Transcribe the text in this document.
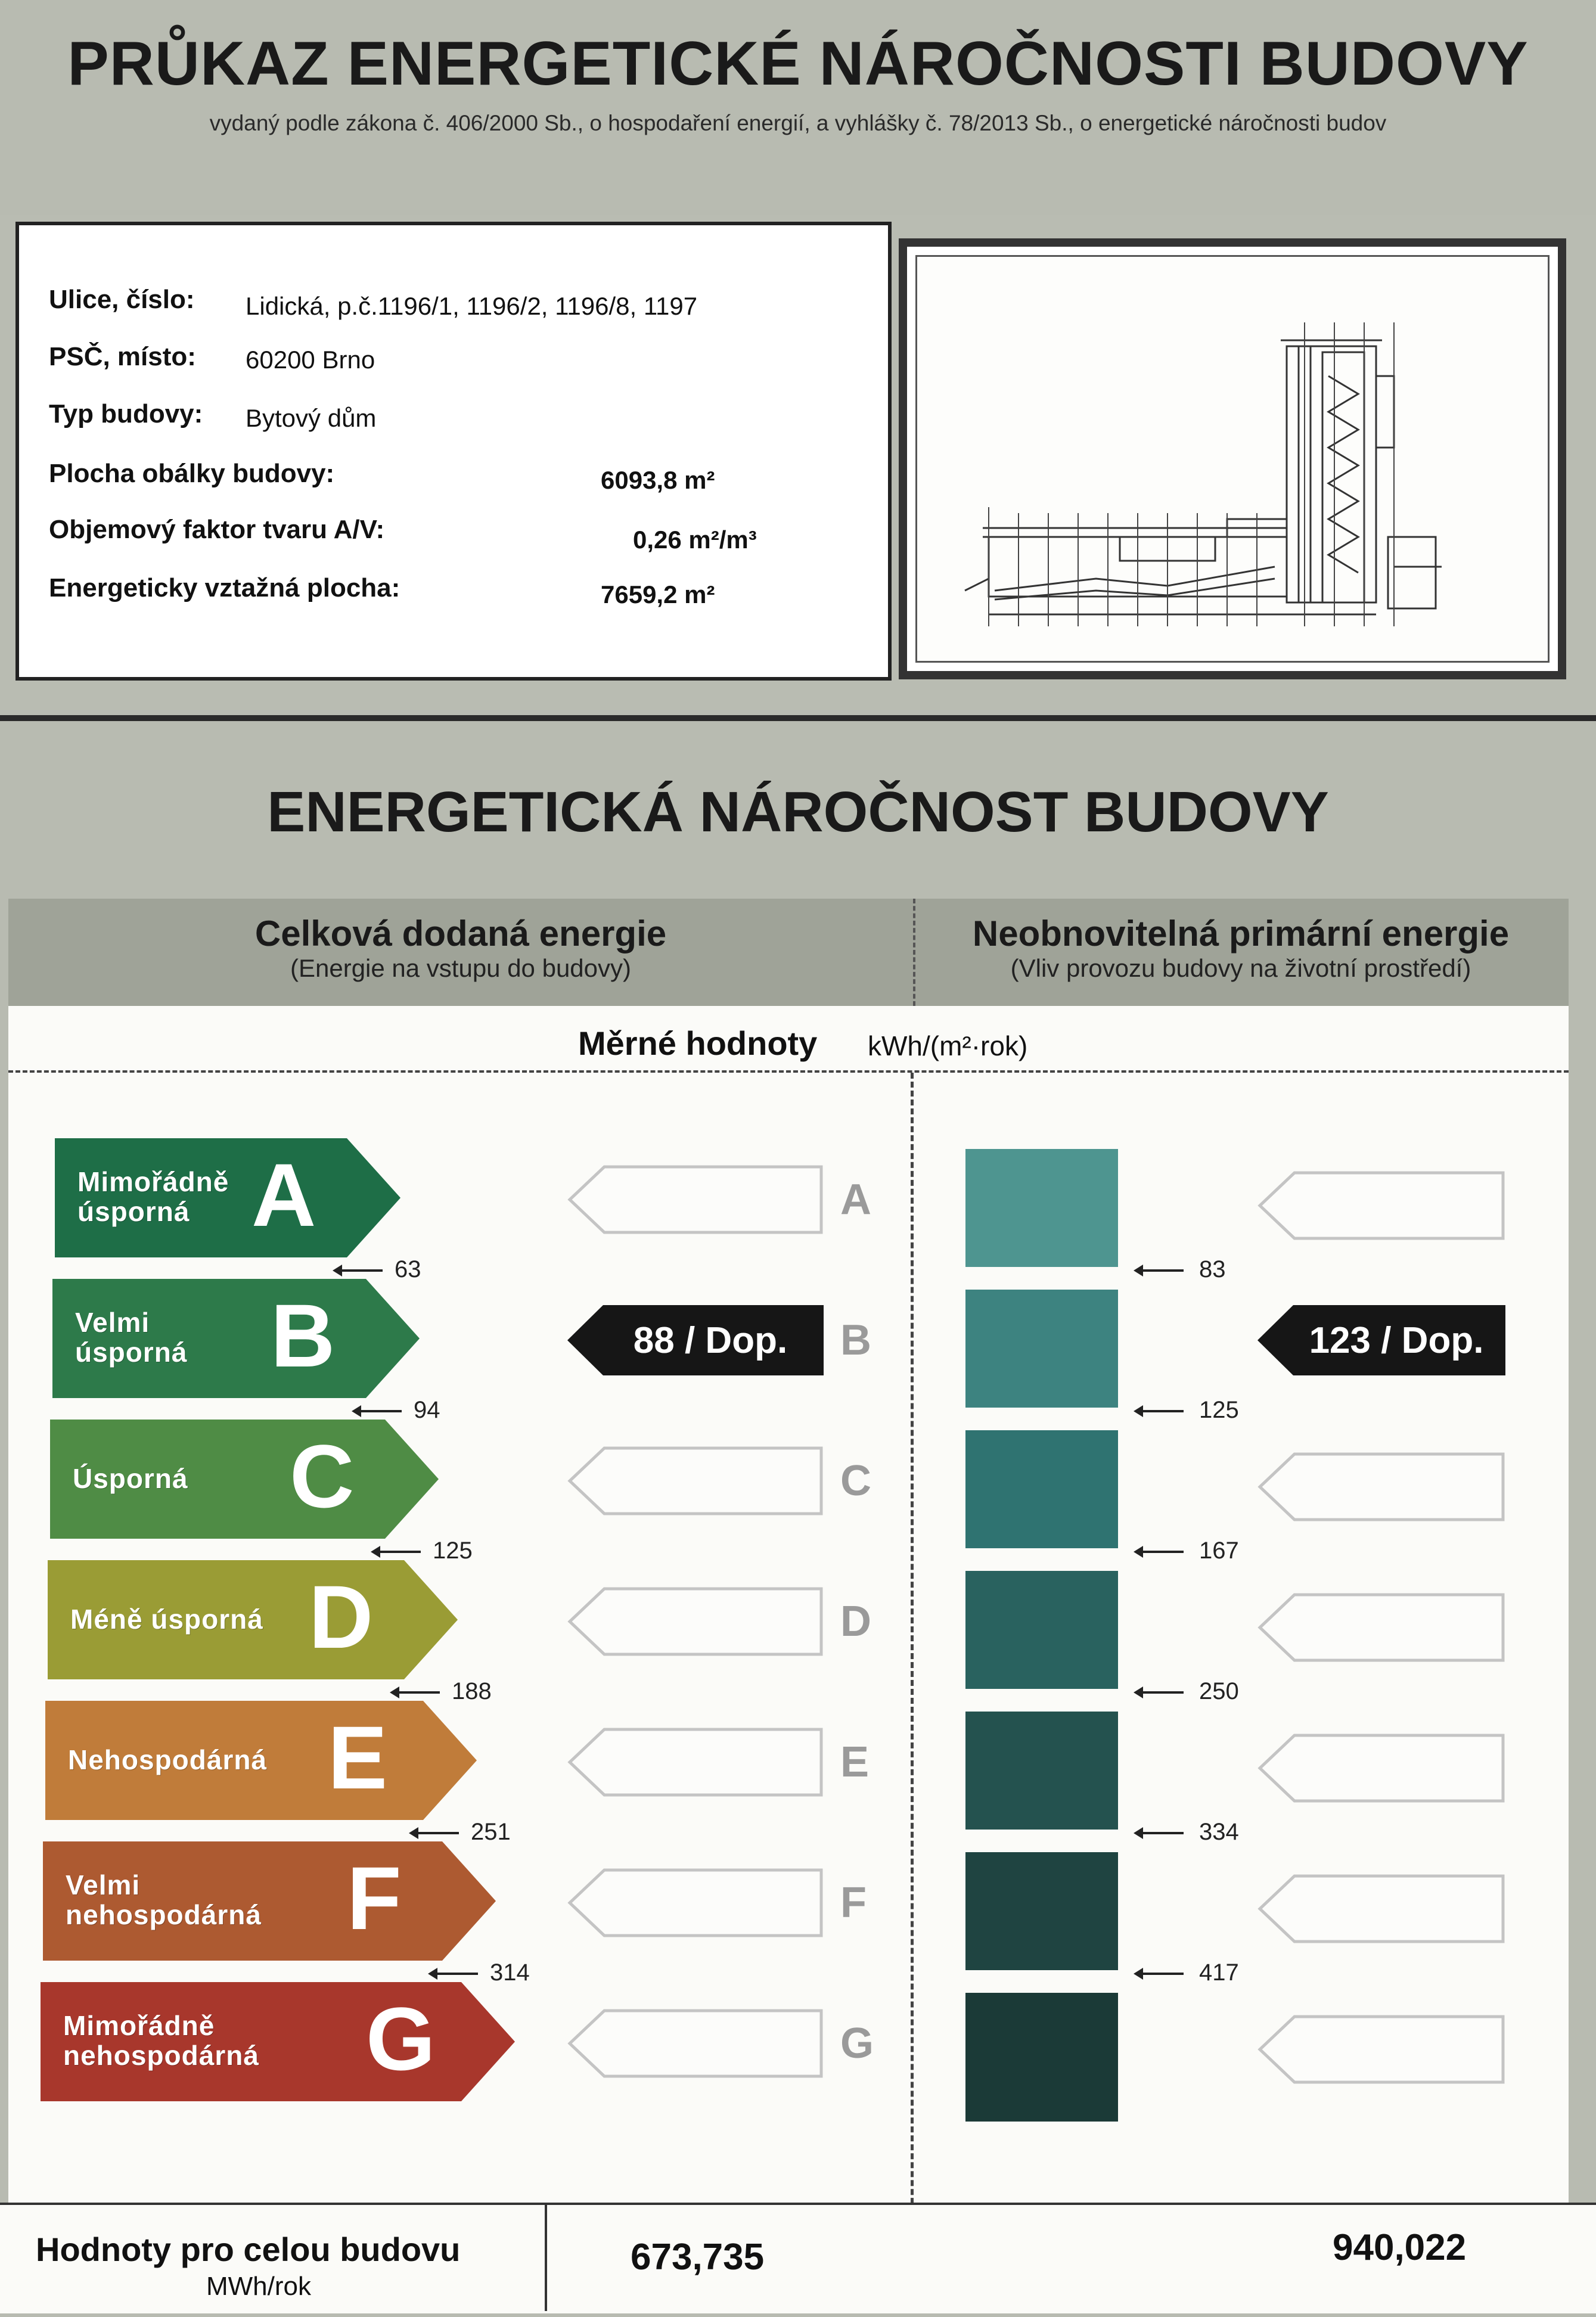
PRŮKAZ ENERGETICKÉ NÁROČNOSTI BUDOVY
vydaný podle zákona č. 406/2000 Sb., o hospodaření energií, a vyhlášky č. 78/2013 Sb., o energetické náročnosti budov
Ulice, číslo: Lidická, p.č.1196/1, 1196/2, 1196/8, 1197
PSČ, místo: 60200 Brno
Typ budovy: Bytový dům
Plocha obálky budovy:	6093,8 m²
Objemový faktor tvaru A/V:	0,26 m²/m³
Energeticky vztažná plocha:	7659,2 m²
ENERGETICKÁ NÁROČNOST BUDOVY
Celková dodaná energie
(Energie na vstupu do budovy)
Neobnovitelná primární energie
(Vliv provozu budovy na životní prostředí)
Měrné hodnoty kWh/(m²·rok)
Mimořádně
úsporná A
63
A
Velmi
úsporná B
94
88 / Dop.	B
Úsporná C
125
C
Méně úsporná D
188
D
Nehospodárná E
251
E
Velmi
nehospodárná F
314
F
Mimořádně
nehospodárná G	G
83
125
123 / Dop.
167
250
334
417
Hodnoty pro celou budovu
MWh/rok
673,735	940,022
